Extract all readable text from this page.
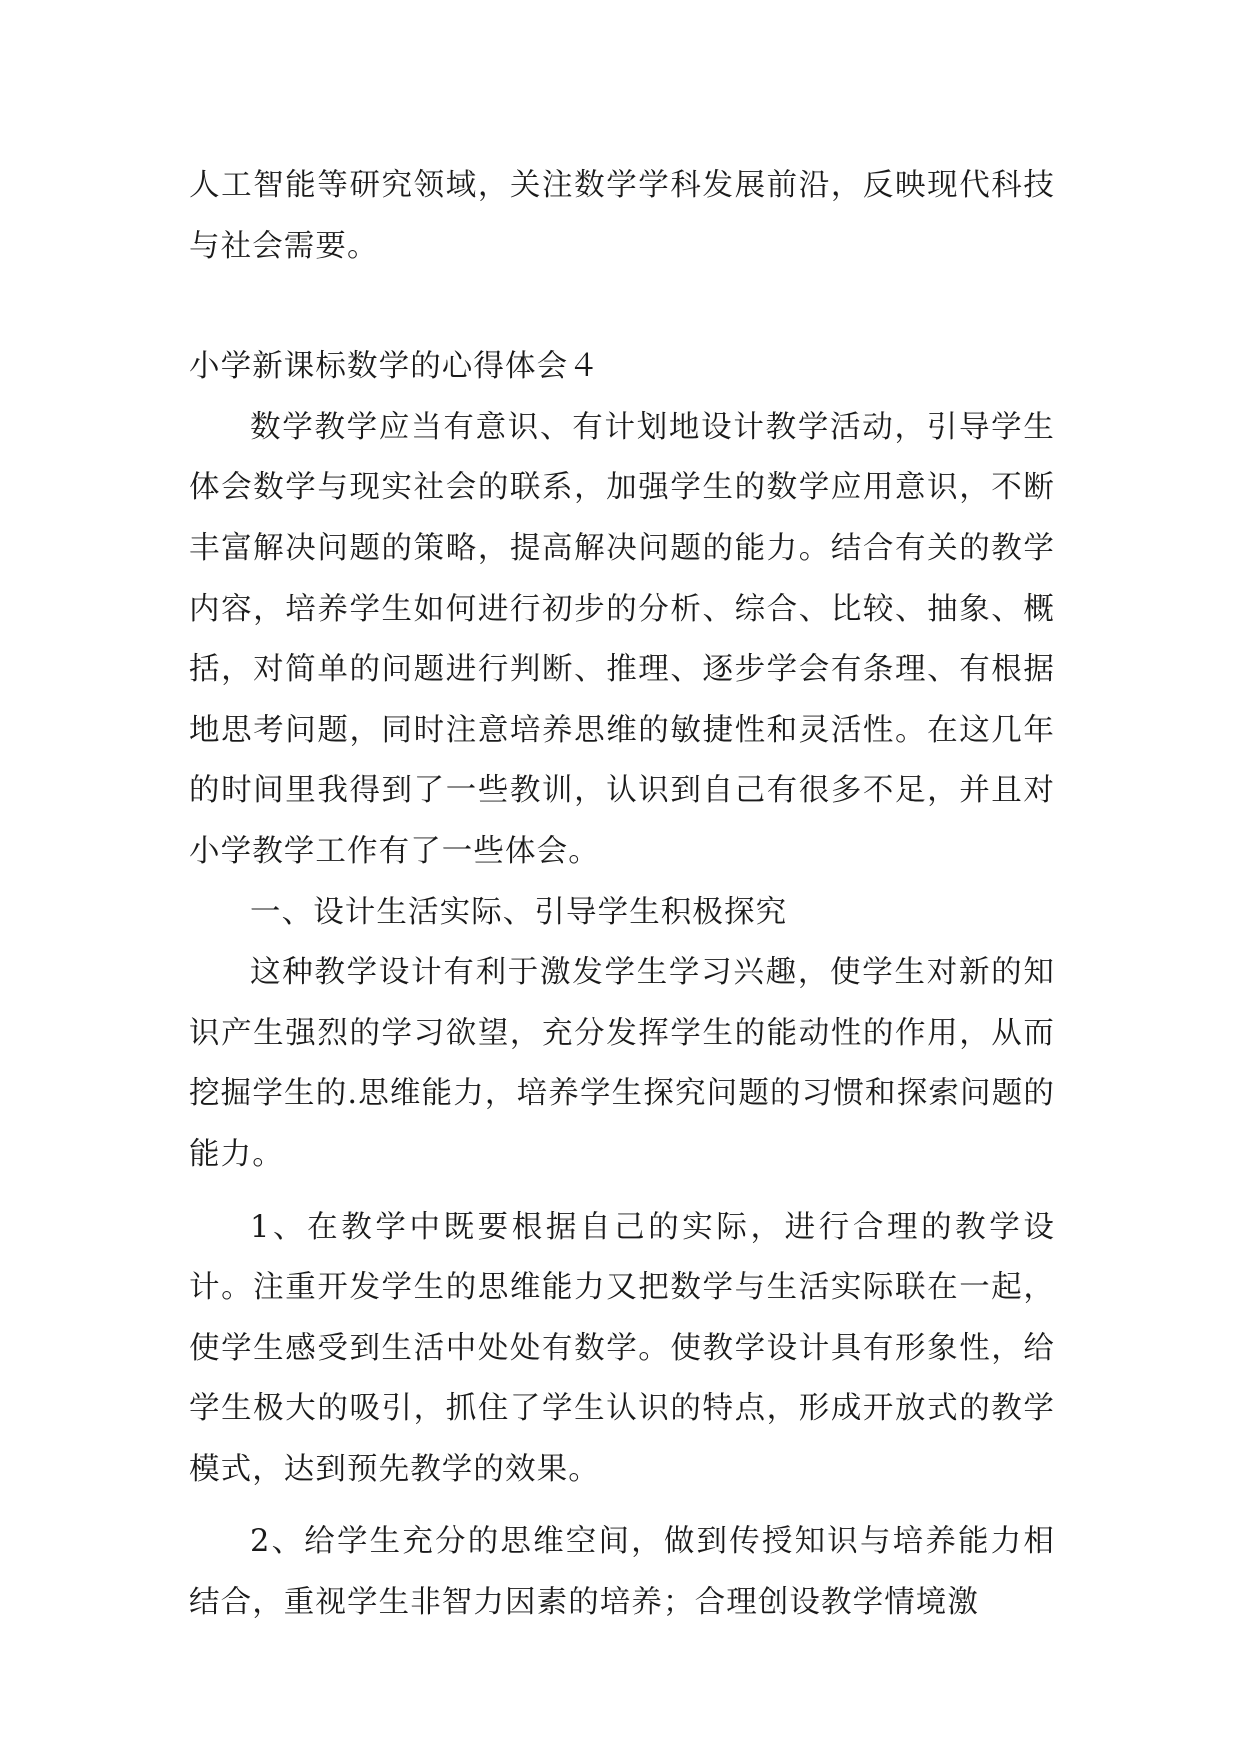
人工智能等研究领域，关注数学学科发展前沿，反映现代科技与社会需要。

小学新课标数学的心得体会４

数学教学应当有意识、有计划地设计教学活动，引导学生体会数学与现实社会的联系，加强学生的数学应用意识，不断丰富解决问题的策略，提高解决问题的能力。结合有关的教学内容，培养学生如何进行初步的分析、综合、比较、抽象、概括，对简单的问题进行判断、推理、逐步学会有条理、有根据地思考问题，同时注意培养思维的敏捷性和灵活性。在这几年的时间里我得到了一些教训，认识到自己有很多不足，并且对小学教学工作有了一些体会。

一、设计生活实际、引导学生积极探究

这种教学设计有利于激发学生学习兴趣，使学生对新的知识产生强烈的学习欲望，充分发挥学生的能动性的作用，从而挖掘学生的.思维能力，培养学生探究问题的习惯和探索问题的能力。

1、在教学中既要根据自己的实际，进行合理的教学设计。注重开发学生的思维能力又把数学与生活实际联在一起，使学生感受到生活中处处有数学。使教学设计具有形象性，给学生极大的吸引，抓住了学生认识的特点，形成开放式的教学模式，达到预先教学的效果。

2、给学生充分的思维空间，做到传授知识与培养能力相结合，重视学生非智力因素的培养；合理创设教学情境激
